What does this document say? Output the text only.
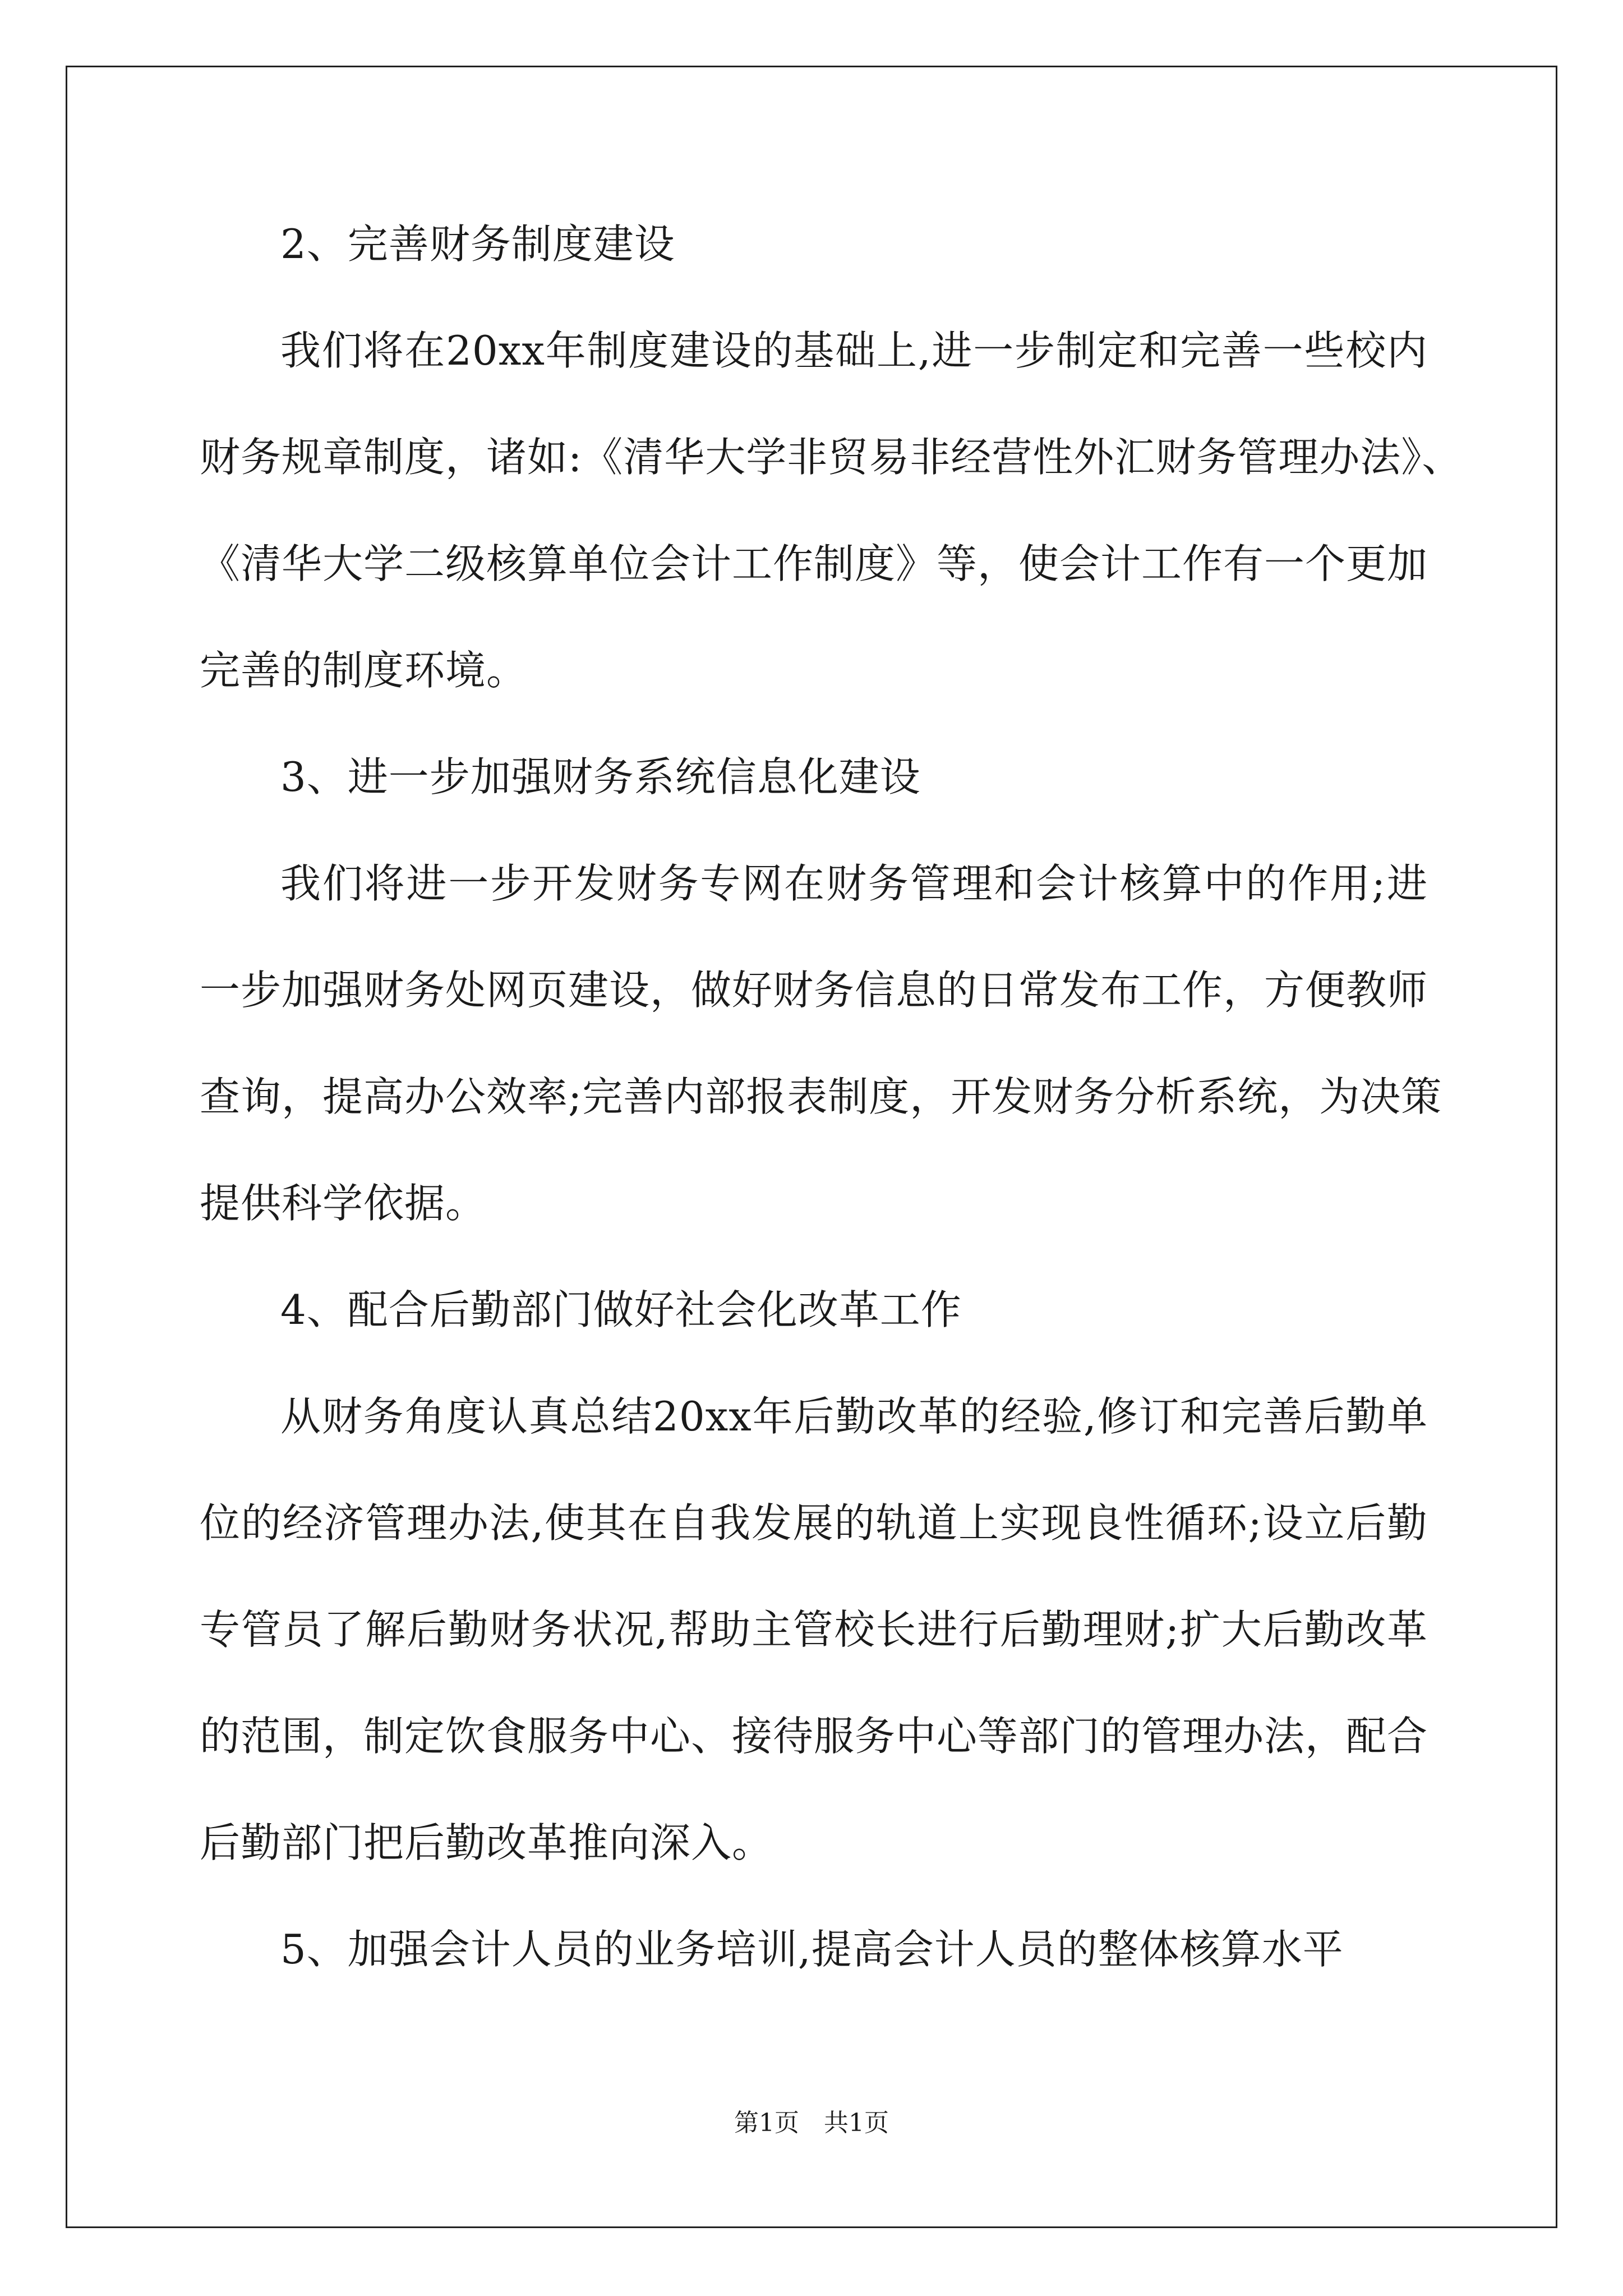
2、完善财务制度建设
我们将在20xx年制度建设的基础上,进一步制定和完善一些校内
财务规章制度，诸如:《清华大学非贸易非经营性外汇财务管理办法》、
《清华大学二级核算单位会计工作制度》等，使会计工作有一个更加
完善的制度环境。
3、进一步加强财务系统信息化建设
我们将进一步开发财务专网在财务管理和会计核算中的作用;进
一步加强财务处网页建设，做好财务信息的日常发布工作，方便教师
查询，提高办公效率;完善内部报表制度，开发财务分析系统，为决策
提供科学依据。
4、配合后勤部门做好社会化改革工作
从财务角度认真总结20xx年后勤改革的经验,修订和完善后勤单
位的经济管理办法,使其在自我发展的轨道上实现良性循环;设立后勤
专管员了解后勤财务状况,帮助主管校长进行后勤理财;扩大后勤改革
的范围，制定饮食服务中心、接待服务中心等部门的管理办法，配合
后勤部门把后勤改革推向深入。
5、加强会计人员的业务培训,提高会计人员的整体核算水平
第1页　共1页
